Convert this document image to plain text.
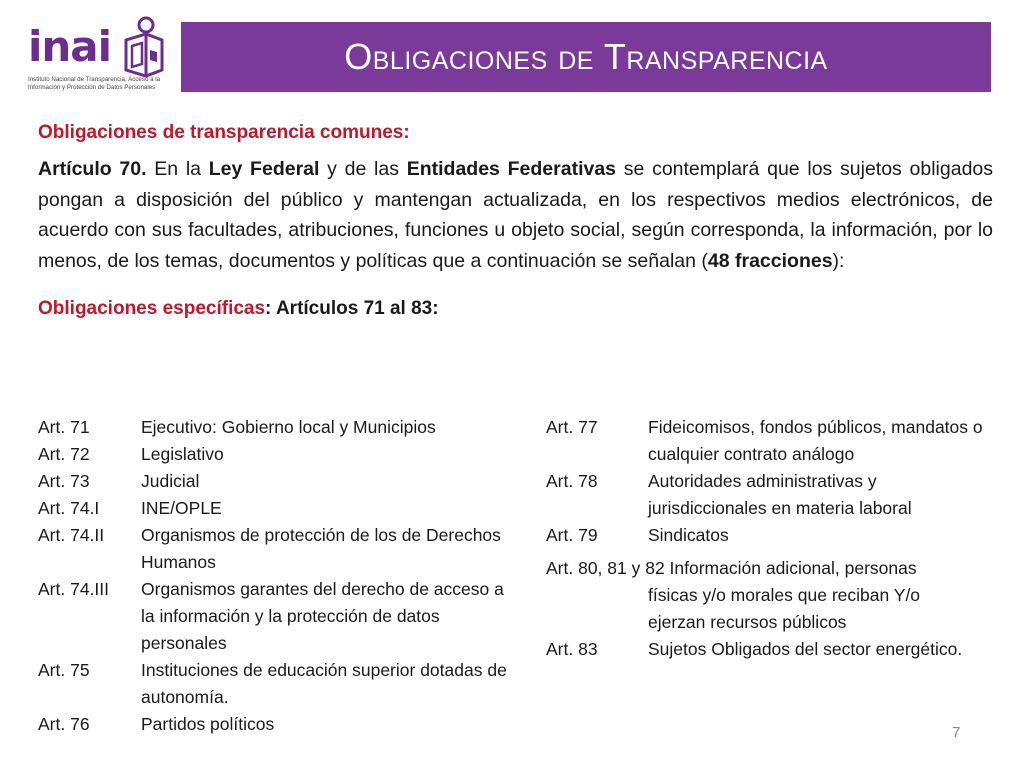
inai
Instituto Nacional de Transparencia, Acceso a la
Información y Protección de Datos Personales
Obligaciones de Transparencia

Obligaciones de transparencia comunes:

Artículo 70. En la Ley Federal y de las Entidades Federativas se contemplará que los sujetos obligados pongan a disposición del público y mantengan actualizada, en los respectivos medios electrónicos, de acuerdo con sus facultades, atribuciones, funciones u objeto social, según corresponda, la información, por lo menos, de los temas, documentos y políticas que a continuación se señalan (48 fracciones):

Obligaciones específicas: Artículos 71 al 83:

Art. 71	Ejecutivo: Gobierno local y Municipios
Art. 72	Legislativo
Art. 73	Judicial
Art. 74.I	INE/OPLE
Art. 74.II	Organismos de protección de los de Derechos Humanos
Art. 74.III	Organismos garantes del derecho de acceso a la información y la protección de datos personales
Art. 75	Instituciones de educación superior dotadas de autonomía.
Art. 76	Partidos políticos
Art. 77	Fideicomisos, fondos públicos, mandatos o cualquier contrato análogo
Art. 78	Autoridades administrativas y jurisdiccionales en materia laboral
Art. 79	Sindicatos
Art. 80, 81 y 82 Información adicional, personas
físicas y/o morales que reciban Y/o
ejerzan recursos públicos
Art. 83	Sujetos Obligados del sector energético.
7
